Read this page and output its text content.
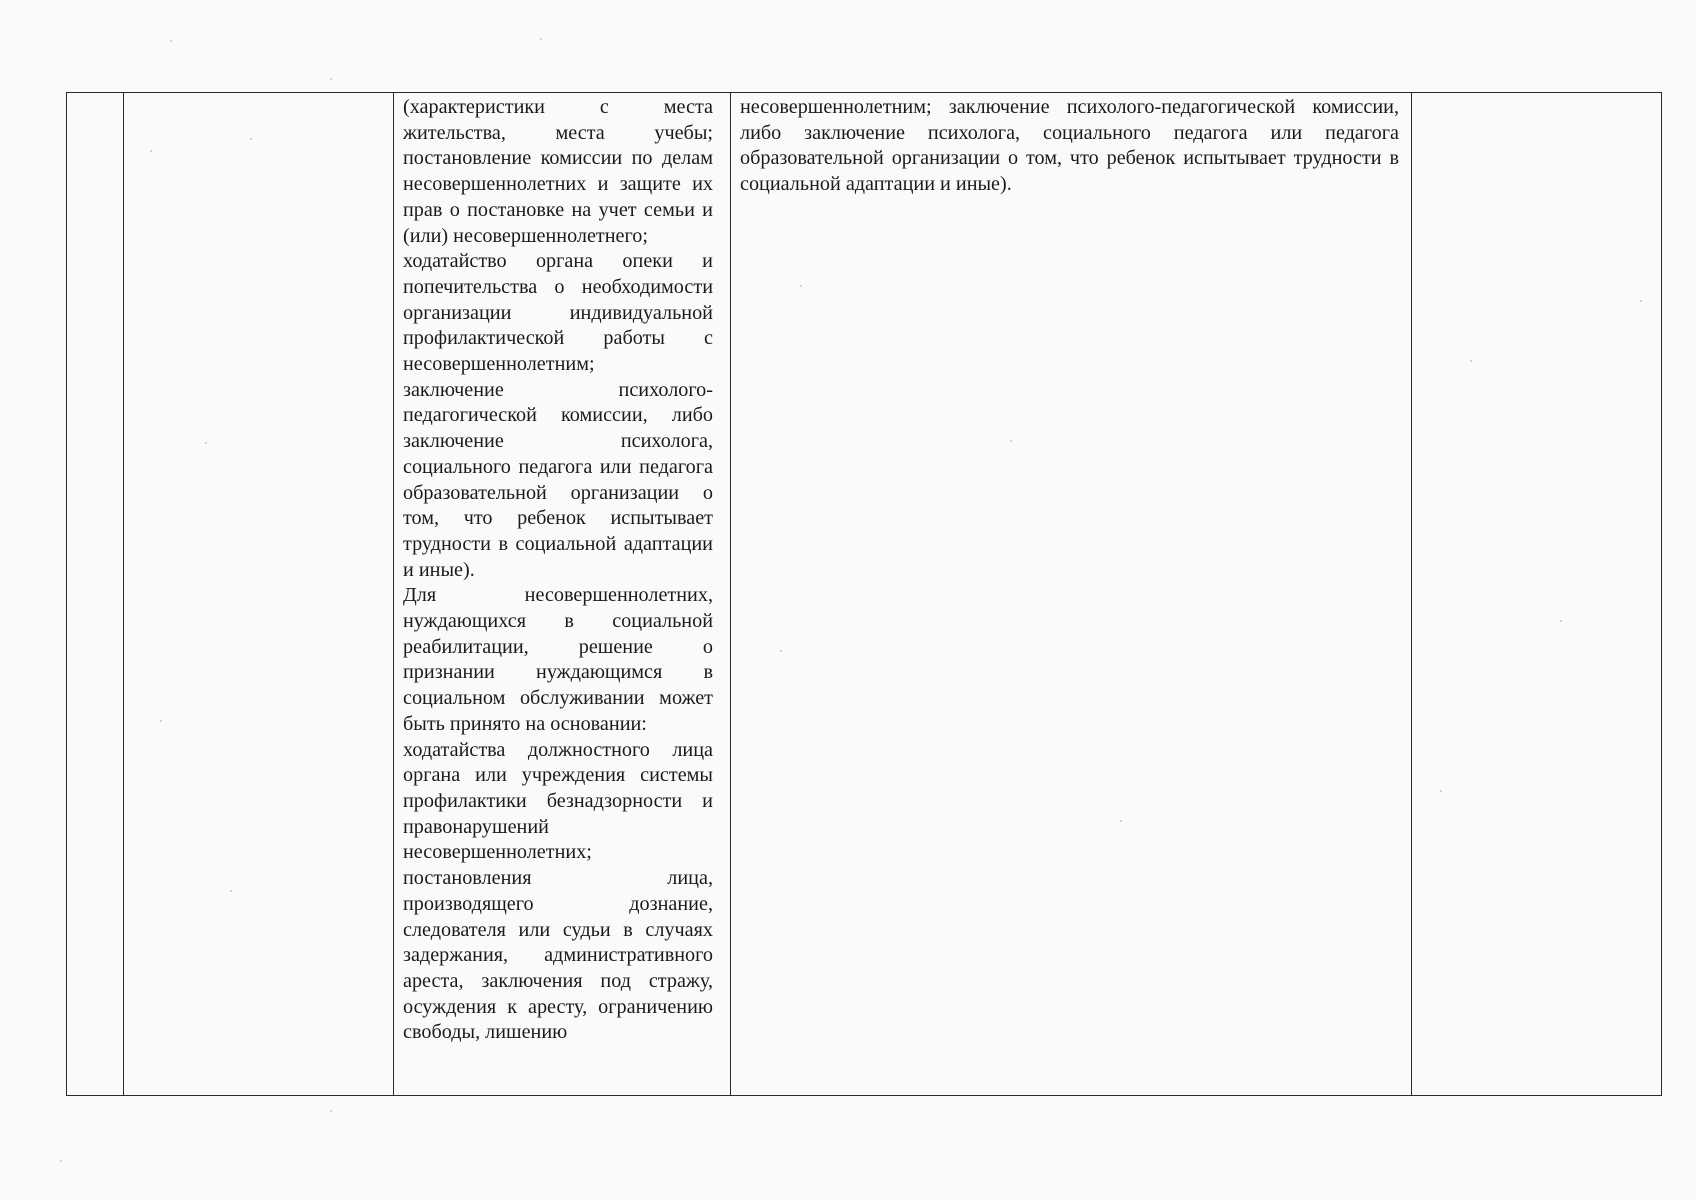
(характеристики с места жительства, места учебы; постановление комиссии по делам несовершеннолетних и защите их прав о постановке на учет семьи и (или) несовершеннолетнего;

ходатайство органа опеки и попечительства о необходимости организации индивидуальной профилактической работы с несовершеннолетним;

заключение психолого-педагогической комиссии, либо заключение психолога, социального педагога или педагога образовательной организации о том, что ребенок испытывает трудности в социальной адаптации и иные).

Для несовершеннолетних, нуждающихся в социальной реабилитации, решение о признании нуждающимся в социальном обслуживании может быть принято на основании:

ходатайства должностного лица органа или учреждения системы профилактики безнадзорности и правонарушений несовершеннолетних;

постановления лица, производящего дознание, следователя или судьи в случаях задержания, административного ареста, заключения под стражу, осуждения к аресту, ограничению свободы, лишению

несовершеннолетним; заключение психолого-педагогической комиссии, либо заключение психолога, социального педагога или педагога образовательной организации о том, что ребенок испытывает трудности в социальной адаптации и иные).
